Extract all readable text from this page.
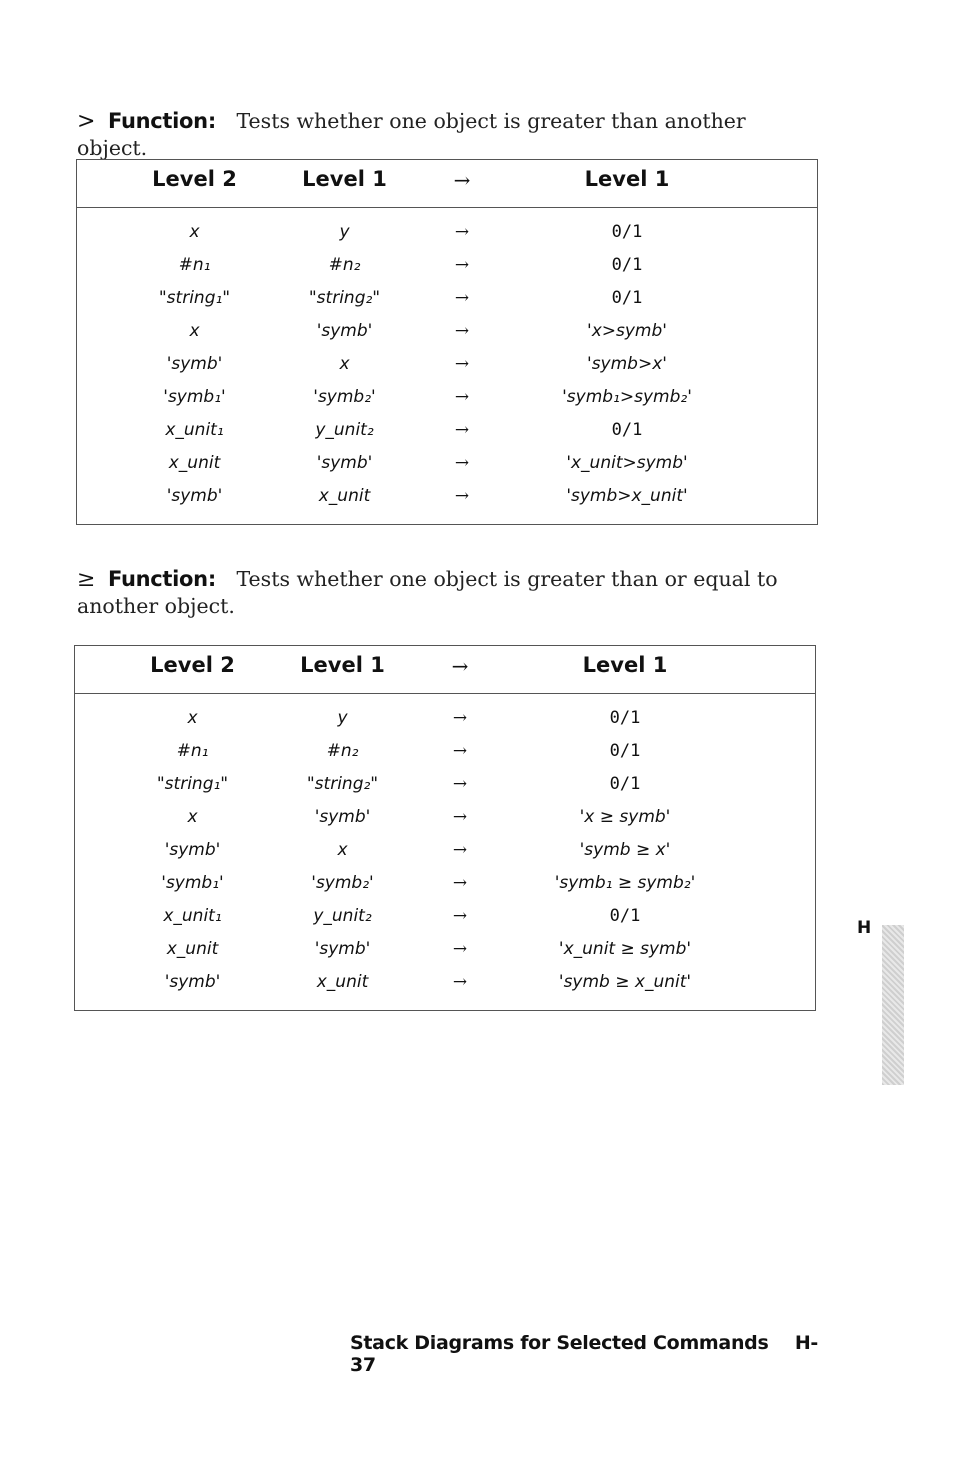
> Function: Tests whether one object is greater than another object.
Level 2	Level 1	→	Level 1
x	y	→	0/1
#n₁	#n₂	→	0/1
"string₁"	"string₂"	→	0/1
x	'symb'	→	'x>symb'
'symb'	x	→	'symb>x'
'symb₁'	'symb₂'	→	'symb₁>symb₂'
x_unit₁	y_unit₂	→	0/1
x_unit	'symb'	→	'x_unit>symb'
'symb'	x_unit	→	'symb>x_unit'
≥ Function: Tests whether one object is greater than or equal to another object.
Level 2	Level 1	→	Level 1
x	y	→	0/1
#n₁	#n₂	→	0/1
"string₁"	"string₂"	→	0/1
x	'symb'	→	'x ≥ symb'
'symb'	x	→	'symb ≥ x'
'symb₁'	'symb₂'	→	'symb₁ ≥ symb₂'
x_unit₁	y_unit₂	→	0/1
x_unit	'symb'	→	'x_unit ≥ symb'
'symb'	x_unit	→	'symb ≥ x_unit'
H
Stack Diagrams for Selected Commands H-37
